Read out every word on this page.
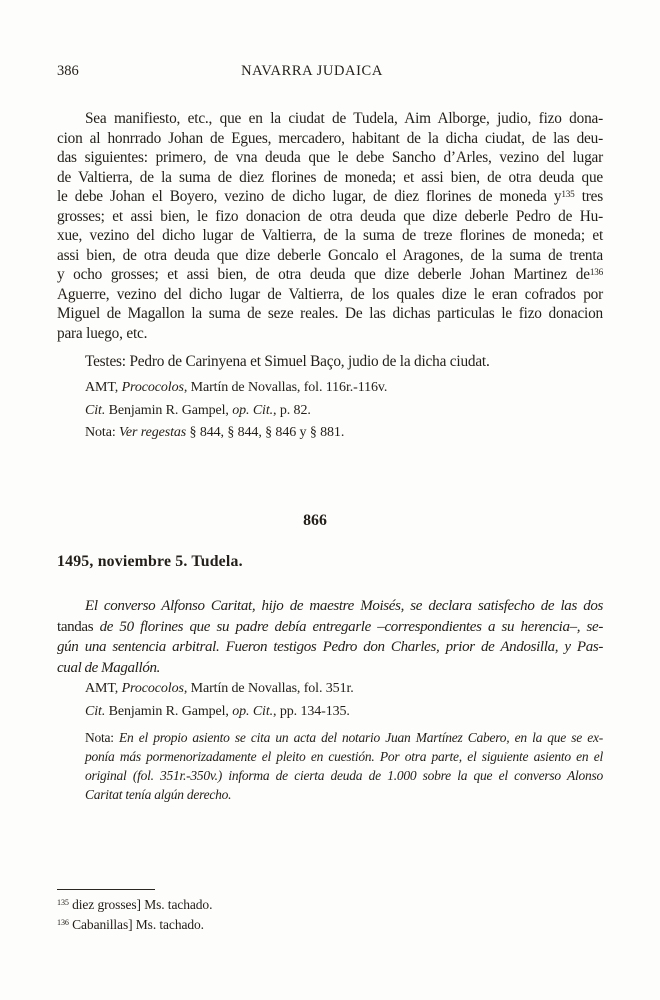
386	NAVARRA JUDAICA
Sea manifiesto, etc., que en la ciudat de Tudela, Aim Alborge, judio, fizo dona-
cion al honrrado Johan de Egues, mercadero, habitant de la dicha ciudat, de las deu-
das siguientes: primero, de vna deuda que le debe Sancho d’Arles, vezino del lugar
de Valtierra, de la suma de diez florines de moneda; et assi bien, de otra deuda que
le debe Johan el Boyero, vezino de dicho lugar, de diez florines de moneda $y^{135}$ tres
grosses; et assi bien, le fizo donacion de otra deuda que dize deberle Pedro de Hu-
xue, vezino del dicho lugar de Valtierra, de la suma de treze florines de moneda; et
assi bien, de otra deuda que dize deberle Goncalo el Aragones, de la suma de trenta
y ocho grosses; et assi bien, de otra deuda que dize deberle Johan Martinez $de^{136}$
Aguerre, vezino del dicho lugar de Valtierra, de los quales dize le eran cofrados por
Miguel de Magallon la suma de seze reales. De las dichas particulas le fizo donacion
para luego, etc.

Testes: Pedro de Carinyena et Simuel Baço, judio de la dicha ciudat.

AMT, Prococolos, Martín de Novallas, fol. 116r.-116v.

Cit. Benjamin R. Gampel, op. Cit., p. 82.

Nota: Ver regestas § 844, § 844, § 846 y § 881.

866
1495, noviembre 5. Tudela.
El converso Alfonso Caritat, hijo de maestre Moisés, se declara satisfecho de las dos
tandas de 50 florines que su padre debía entregarle –correspondientes a su herencia–, se-
gún una sentencia arbitral. Fueron testigos Pedro don Charles, prior de Andosilla, y Pas-
cual de Magallón.

AMT, Prococolos, Martín de Novallas, fol. 351r.

Cit. Benjamin R. Gampel, op. Cit., pp. 134-135.

Nota: En el propio asiento se cita un acta del notario Juan Martínez Cabero, en la que se ex-
ponía más pormenorizadamente el pleito en cuestión. Por otra parte, el siguiente asiento en el
original (fol. 351r.-350v.) informa de cierta deuda de 1.000 sobre la que el converso Alonso
Caritat tenía algún derecho.

$^{135}$ diez grosses] Ms. tachado.

$^{136}$ Cabanillas] Ms. tachado.
